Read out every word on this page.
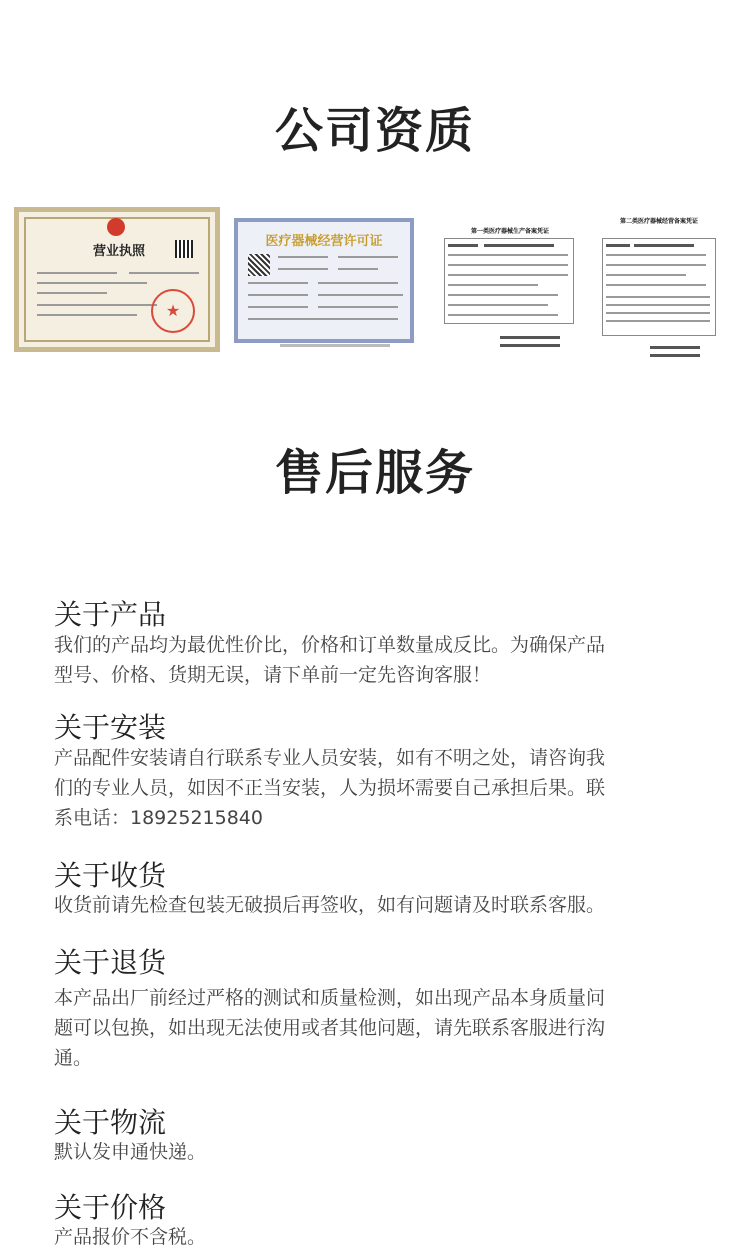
公司资质
营业执照
★
医疗器械经营许可证
第一类医疗器械生产备案凭证
第二类医疗器械经营备案凭证
售后服务
关于产品
我们的产品均为最优性价比，价格和订单数量成反比。为确保产品
型号、价格、货期无误，请下单前一定先咨询客服！
关于安装
产品配件安装请自行联系专业人员安装，如有不明之处，请咨询我
们的专业人员，如因不正当安装，人为损坏需要自己承担后果。联
系电话：18925215840
关于收货
收货前请先检查包装无破损后再签收，如有问题请及时联系客服。
关于退货
本产品出厂前经过严格的测试和质量检测，如出现产品本身质量问
题可以包换，如出现无法使用或者其他问题，请先联系客服进行沟
通。
关于物流
默认发申通快递。
关于价格
产品报价不含税。
